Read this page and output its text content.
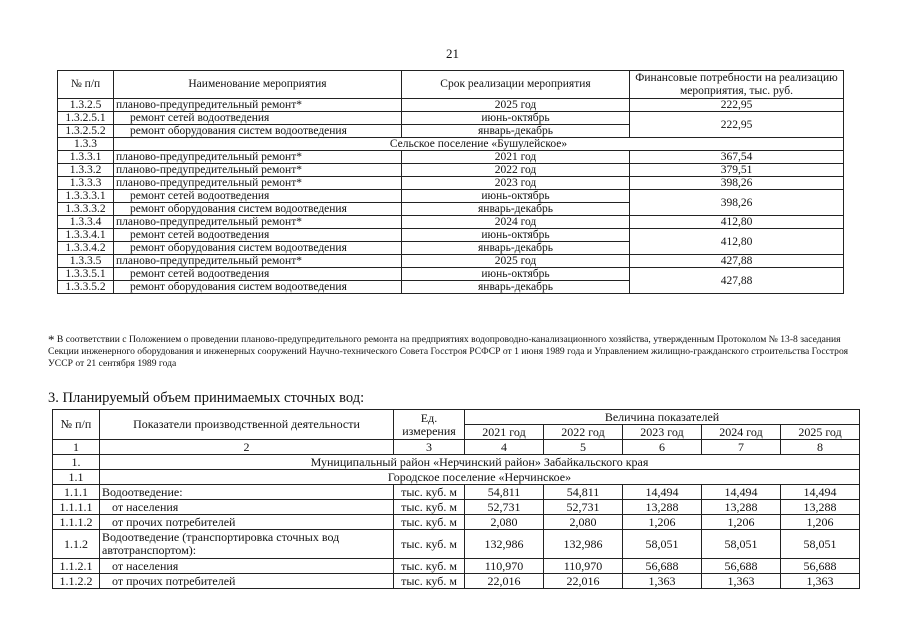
21
№ п/п	Наименование мероприятия	Срок реализации мероприятия	Финансовые потребности на реализацию мероприятия, тыс. руб.
1.3.2.5	планово-предупредительный ремонт*	2025 год	222,95
1.3.2.5.1	ремонт сетей водоотведения	июнь-октябрь	222,95
1.3.2.5.2	ремонт оборудования систем водоотведения	январь-декабрь	
1.3.3	Сельское поселение «Бушулейское»		
1.3.3.1	планово-предупредительный ремонт*	2021 год	367,54
1.3.3.2	планово-предупредительный ремонт*	2022 год	379,51
1.3.3.3	планово-предупредительный ремонт*	2023 год	398,26
1.3.3.3.1	ремонт сетей водоотведения	июнь-октябрь	398,26
1.3.3.3.2	ремонт оборудования систем водоотведения	январь-декабрь	
1.3.3.4	планово-предупредительный ремонт*	2024 год	412,80
1.3.3.4.1	ремонт сетей водоотведения	июнь-октябрь	412,80
1.3.3.4.2	ремонт оборудования систем водоотведения	январь-декабрь	
1.3.3.5	планово-предупредительный ремонт*	2025 год	427,88
1.3.3.5.1	ремонт сетей водоотведения	июнь-октябрь	427,88
1.3.3.5.2	ремонт оборудования систем водоотведения	январь-декабрь	
* В соответствии с Положением о проведении планово-предупредительного ремонта на предприятиях водопроводно-канализационного хозяйства, утвержденным Протоколом № 13-8 заседания Секции инженерного оборудования и инженерных сооружений Научно-технического Совета Госстроя РСФСР от 1 июня 1989 года и Управлением жилищно-гражданского строительства Госстроя УССР от 21 сентября 1989 года
3. Планируемый объем принимаемых сточных вод:
№ п/п	Показатели производственной деятельности	Ед. измерения	Величина показателей				
			2021 год	2022 год	2023 год	2024 год	2025 год
1	2	3	4	5	6	7	8
1.	Муниципальный район «Нерчинский район» Забайкальского края						
1.1	Городское поселение «Нерчинское»						
1.1.1	Водоотведение:	тыс. куб. м	54,811	54,811	14,494	14,494	14,494
1.1.1.1	от населения	тыс. куб. м	52,731	52,731	13,288	13,288	13,288
1.1.1.2	от прочих потребителей	тыс. куб. м	2,080	2,080	1,206	1,206	1,206
1.1.2	Водоотведение (транспортировка сточных вод автотранспортом):	тыс. куб. м	132,986	132,986	58,051	58,051	58,051
1.1.2.1	от населения	тыс. куб. м	110,970	110,970	56,688	56,688	56,688
1.1.2.2	от прочих потребителей	тыс. куб. м	22,016	22,016	1,363	1,363	1,363
